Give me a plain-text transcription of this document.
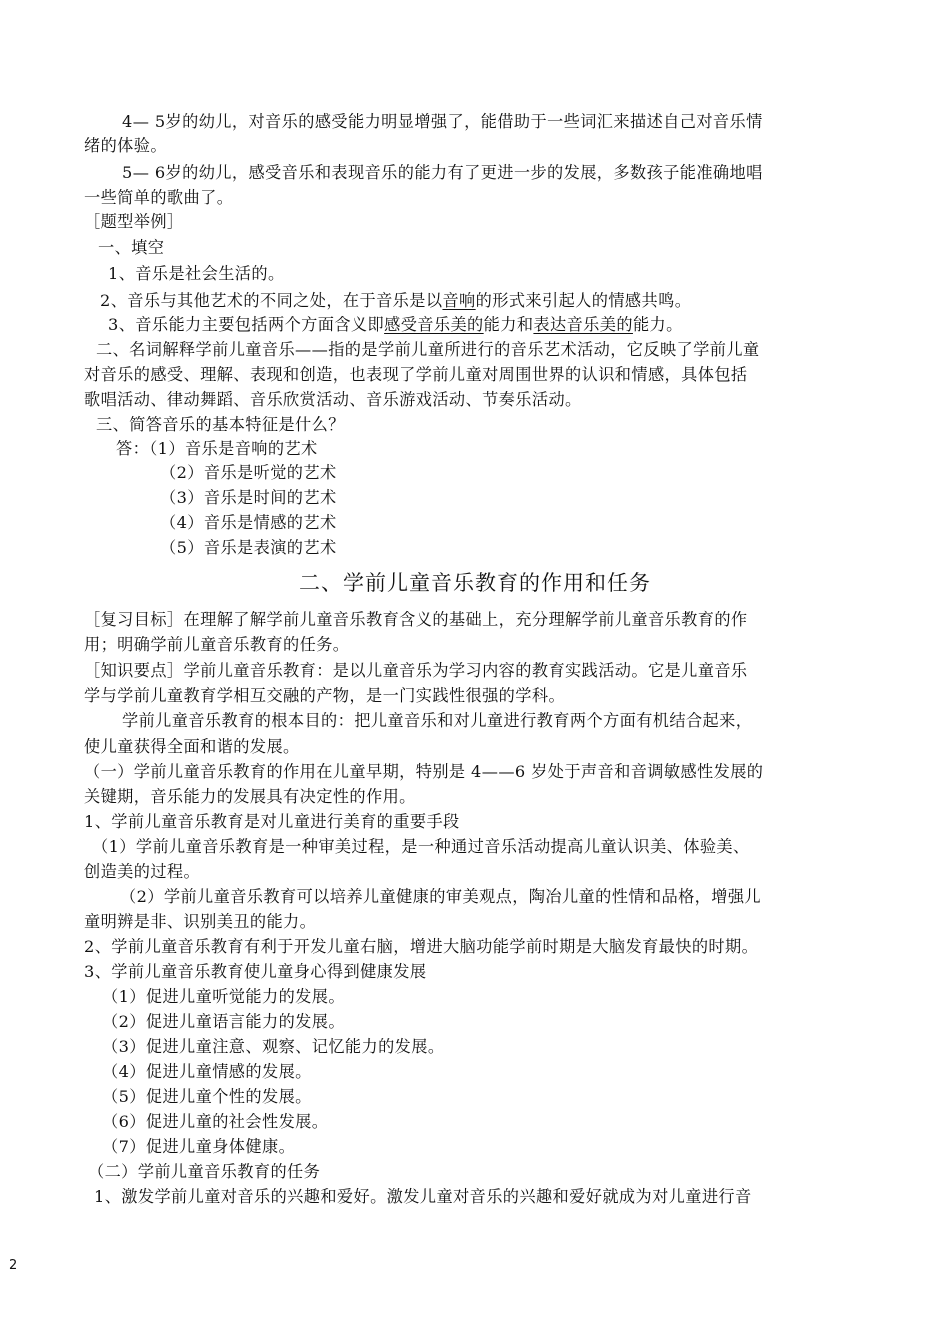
4— 5岁的幼儿，对音乐的感受能力明显增强了，能借助于一些词汇来描述自己对音乐情
绪的体验。
5— 6岁的幼儿，感受音乐和表现音乐的能力有了更进一步的发展，多数孩子能准确地唱
一些简单的歌曲了。
［题型举例］
一、填空
1、音乐是社会生活的。
2、音乐与其他艺术的不同之处，在于音乐是以音响的形式来引起人的情感共鸣。
3、音乐能力主要包括两个方面含义即感受音乐美的能力和表达音乐美的能力。
二、名词解释学前儿童音乐——指的是学前儿童所进行的音乐艺术活动，它反映了学前儿童
对音乐的感受、理解、表现和创造，也表现了学前儿童对周围世界的认识和情感，具体包括
歌唱活动、律动舞蹈、音乐欣赏活动、音乐游戏活动、节奏乐活动。
三、简答音乐的基本特征是什么？
答：（1）音乐是音响的艺术
（2）音乐是听觉的艺术
（3）音乐是时间的艺术
（4）音乐是情感的艺术
（5）音乐是表演的艺术
二、学前儿童音乐教育的作用和任务
［复习目标］在理解了解学前儿童音乐教育含义的基础上，充分理解学前儿童音乐教育的作
用；明确学前儿童音乐教育的任务。
［知识要点］学前儿童音乐教育：是以儿童音乐为学习内容的教育实践活动。它是儿童音乐
学与学前儿童教育学相互交融的产物，是一门实践性很强的学科。
学前儿童音乐教育的根本目的：把儿童音乐和对儿童进行教育两个方面有机结合起来，
使儿童获得全面和谐的发展。
（一）学前儿童音乐教育的作用在儿童早期，特别是 4——6 岁处于声音和音调敏感性发展的
关键期，音乐能力的发展具有决定性的作用。
1、学前儿童音乐教育是对儿童进行美育的重要手段
（1）学前儿童音乐教育是一种审美过程，是一种通过音乐活动提高儿童认识美、体验美、
创造美的过程。
（2）学前儿童音乐教育可以培养儿童健康的审美观点，陶冶儿童的性情和品格，增强儿
童明辨是非、识别美丑的能力。
2、学前儿童音乐教育有利于开发儿童右脑，增进大脑功能学前时期是大脑发育最快的时期。
3、学前儿童音乐教育使儿童身心得到健康发展
（1）促进儿童听觉能力的发展。
（2）促进儿童语言能力的发展。
（3）促进儿童注意、观察、记忆能力的发展。
（4）促进儿童情感的发展。
（5）促进儿童个性的发展。
（6）促进儿童的社会性发展。
（7）促进儿童身体健康。
（二）学前儿童音乐教育的任务
1、激发学前儿童对音乐的兴趣和爱好。激发儿童对音乐的兴趣和爱好就成为对儿童进行音
2
